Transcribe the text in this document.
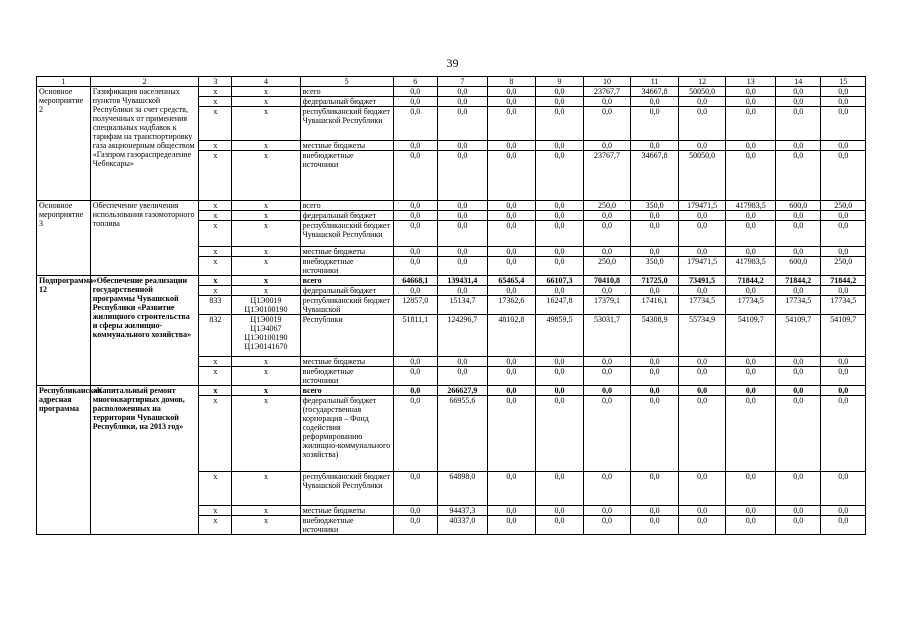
39
1	2	3	4	5	6	7	8	9	10	11	12	13	14	15
Основное мероприятие 2	Газификация населенных пунктов Чувашской Республики за счет средств, полученных от применения специальных надбавок к тарифам на транспортировку газа акционерным обществом «Газпром газораспределение Чебоксары»	x	x	всего	0,0	0,0	0,0	0,0	23767,7	34667,8	50050,0	0,0	0,0	0,0
		x	x	федеральный бюджет	0,0	0,0	0,0	0,0	0,0	0,0	0,0	0,0	0,0	0,0
		x	x	республиканский бюджет Чувашской Республики	0,0	0,0	0,0	0,0	0,0	0,0	0,0	0,0	0,0	0,0
		x	x	местные бюджеты	0,0	0,0	0,0	0,0	0,0	0,0	0,0	0,0	0,0	0,0
		x	x	внебюджетные источники	0,0	0,0	0,0	0,0	23767,7	34667,8	50050,0	0,0	0,0	0,0
Основное мероприятие 3	Обеспечение увеличения использования газомоторного топлива	x	x	всего	0,0	0,0	0,0	0,0	250,0	350,0	179471,5	417983,5	600,0	250,0
		x	x	федеральный бюджет	0,0	0,0	0,0	0,0	0,0	0,0	0,0	0,0	0,0	0,0
		x	x	республиканский бюджет Чувашской Республики	0,0	0,0	0,0	0,0	0,0	0,0	0,0	0,0	0,0	0,0
		x	x	местные бюджеты	0,0	0,0	0,0	0,0	0,0	0,0	0,0	0,0	0,0	0,0
		x	x	внебюджетные источники	0,0	0,0	0,0	0,0	250,0	350,0	179471,5	417983,5	600,0	250,0
Подпрограмма 12	«Обеспечение реализации государственной программы Чувашской Республики «Развитие жилищного строительства и сферы жилищно-коммунального хозяйства»	x	x	всего	64668,1	139431,4	65465,4	66107,3	70410,8	71725,0	73491,5	71844,2	71844,2	71844,2
		x	x	федеральный бюджет	0,0	0,0	0,0	0,0	0,0	0,0	0,0	0,0	0,0	0,0
		833	Ц1Э0019 Ц1Э0100190	республиканский бюджет Чувашской	12857,0	15134,7	17362,6	16247,8	17379,1	17416,1	17734,5	17734,5	17734,5	17734,5
		832	Ц1Э0019 Ц1Э4067 Ц1Э0100190 Ц1Э0141670	Республики	51811,1	124296,7	48102,8	49859,5	53031,7	54308,9	55734,9	54109,7	54109,7	54109,7
		x	x	местные бюджеты	0,0	0,0	0,0	0,0	0,0	0,0	0,0	0,0	0,0	0,0
		x	x	внебюджетные источники	0,0	0,0	0,0	0,0	0,0	0,0	0,0	0,0	0,0	0,0
Республиканская адресная программа	«Капитальный ремонт многоквартирных домов, расположенных на территории Чувашской Республики, на 2013 год»	x	x	всего	0,0	266627,9	0,0	0,0	0,0	0,0	0,0	0,0	0,0	0,0
		x	x	федеральный бюджет (государственная корпорация – Фонд содействия реформированию жилищно-коммунального хозяйства)	0,0	66955,6	0,0	0,0	0,0	0,0	0,0	0,0	0,0	0,0
		x	x	республиканский бюджет Чувашской Республики	0,0	64898,0	0,0	0,0	0,0	0,0	0,0	0,0	0,0	0,0
		x	x	местные бюджеты	0,0	94437,3	0,0	0,0	0,0	0,0	0,0	0,0	0,0	0,0
		x	x	внебюджетные источники	0,0	40337,0	0,0	0,0	0,0	0,0	0,0	0,0	0,0	0,0
